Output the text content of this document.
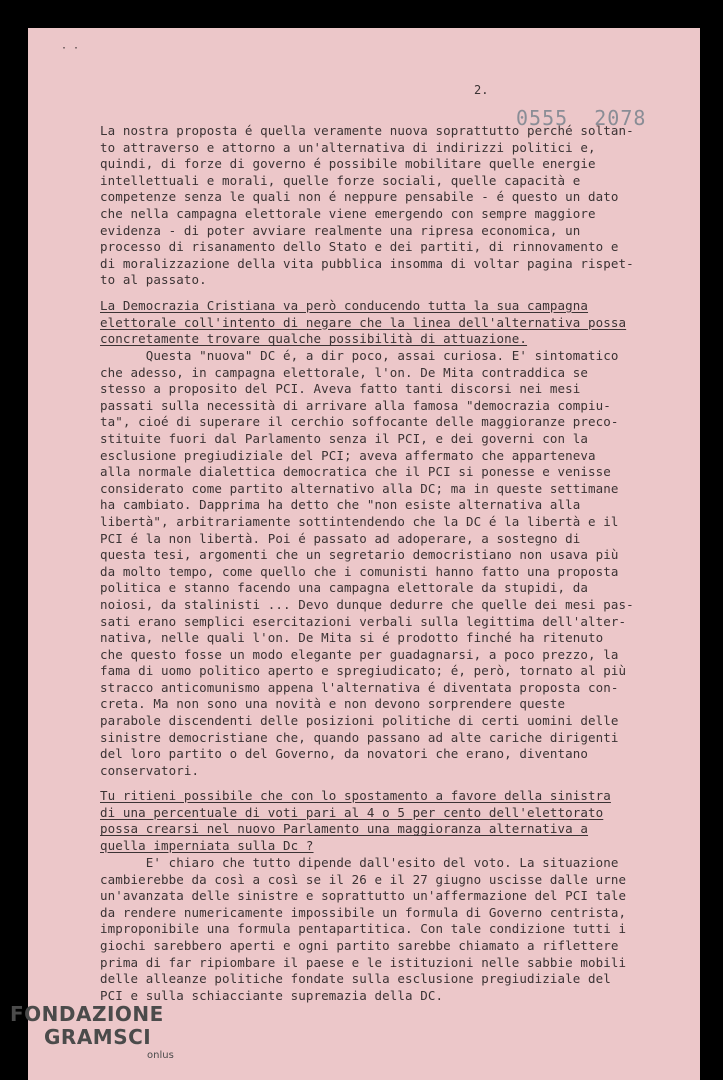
· ·
2.
0555  2078
La nostra proposta é quella veramente nuova soprattutto perché soltan-
to attraverso e attorno a un'alternativa di indirizzi politici e,
quindi, di forze di governo é possibile mobilitare quelle energie
intellettuali e morali, quelle forze sociali, quelle capacità e
competenze senza le quali non é neppure pensabile - é questo un dato
che nella campagna elettorale viene emergendo con sempre maggiore
evidenza - di poter avviare realmente una ripresa economica, un
processo di risanamento dello Stato e dei partiti, di rinnovamento e
di moralizzazione della vita pubblica insomma di voltar pagina rispet-
to al passato.
La Democrazia Cristiana va però conducendo tutta la sua campagna
elettorale coll'intento di negare che la linea dell'alternativa possa
concretamente trovare qualche possibilità di attuazione.
Questa "nuova" DC é, a dir poco, assai curiosa. E' sintomatico
che adesso, in campagna elettorale, l'on. De Mita contraddica se
stesso a proposito del PCI. Aveva fatto tanti discorsi nei mesi
passati sulla necessità di arrivare alla famosa "democrazia compiu-
ta", cioé di superare il cerchio soffocante delle maggioranze preco-
stituite fuori dal Parlamento senza il PCI, e dei governi con la
esclusione pregiudiziale del PCI; aveva affermato che apparteneva
alla normale dialettica democratica che il PCI si ponesse e venisse
considerato come partito alternativo alla DC; ma in queste settimane
ha cambiato. Dapprima ha detto che "non esiste alternativa alla
libertà", arbitrariamente sottintendendo che la DC é la libertà e il
PCI é la non libertà. Poi é passato ad adoperare, a sostegno di
questa tesi, argomenti che un segretario democristiano non usava più
da molto tempo, come quello che i comunisti hanno fatto una proposta
politica e stanno facendo una campagna elettorale da stupidi, da
noiosi, da stalinisti ... Devo dunque dedurre che quelle dei mesi pas-
sati erano semplici esercitazioni verbali sulla legittima dell'alter-
nativa, nelle quali l'on. De Mita si é prodotto finché ha ritenuto
che questo fosse un modo elegante per guadagnarsi, a poco prezzo, la
fama di uomo politico aperto e spregiudicato; é, però, tornato al più
stracco anticomunismo appena l'alternativa é diventata proposta con-
creta. Ma non sono una novità e non devono sorprendere queste
parabole discendenti delle posizioni politiche di certi uomini delle
sinistre democristiane che, quando passano ad alte cariche dirigenti
del loro partito o del Governo, da novatori che erano, diventano
conservatori.
Tu ritieni possibile che con lo spostamento a favore della sinistra
di una percentuale di voti pari al 4 o 5 per cento dell'elettorato
possa crearsi nel nuovo Parlamento una maggioranza alternativa a
quella imperniata sulla Dc ?
E' chiaro che tutto dipende dall'esito del voto. La situazione
cambierebbe da così a così se il 26 e il 27 giugno uscisse dalle urne
un'avanzata delle sinistre e soprattutto un'affermazione del PCI tale
da rendere numericamente impossibile un formula di Governo centrista,
improponibile una formula pentapartitica. Con tale condizione tutti i
giochi sarebbero aperti e ogni partito sarebbe chiamato a riflettere
prima di far ripiombare il paese e le istituzioni nelle sabbie mobili
delle alleanze politiche fondate sulla esclusione pregiudiziale del
PCI e sulla schiacciante supremazia della DC.
FONDAZIONE
GRAMSCI
onlus
